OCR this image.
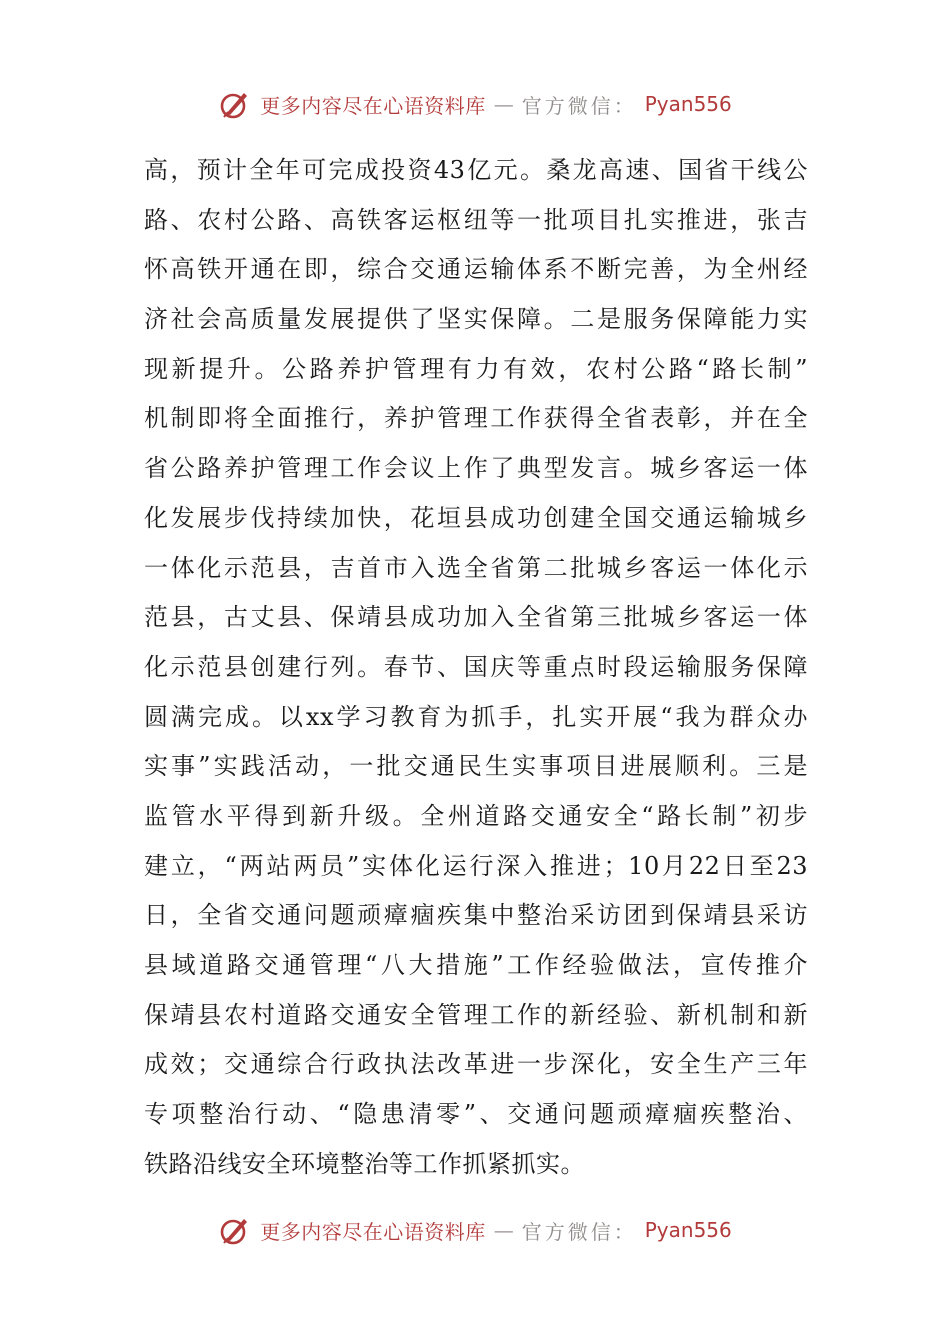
更多内容尽在心语资料库 — 官方微信： Pyan556
高，预计全年可完成投资43亿元。桑龙高速、国省干线公
路、农村公路、高铁客运枢纽等一批项目扎实推进，张吉
怀高铁开通在即，综合交通运输体系不断完善，为全州经
济社会高质量发展提供了坚实保障。二是服务保障能力实
现新提升。公路养护管理有力有效，农村公路“路长制”
机制即将全面推行，养护管理工作获得全省表彰，并在全
省公路养护管理工作会议上作了典型发言。城乡客运一体
化发展步伐持续加快，花垣县成功创建全国交通运输城乡
一体化示范县，吉首市入选全省第二批城乡客运一体化示
范县，古丈县、保靖县成功加入全省第三批城乡客运一体
化示范县创建行列。春节、国庆等重点时段运输服务保障
圆满完成。以xx学习教育为抓手，扎实开展“我为群众办
实事”实践活动，一批交通民生实事项目进展顺利。三是
监管水平得到新升级。全州道路交通安全“路长制”初步
建立，“两站两员”实体化运行深入推进；10月22日至23
日，全省交通问题顽瘴痼疾集中整治采访团到保靖县采访
县域道路交通管理“八大措施”工作经验做法，宣传推介
保靖县农村道路交通安全管理工作的新经验、新机制和新
成效；交通综合行政执法改革进一步深化，安全生产三年
专项整治行动、“隐患清零”、交通问题顽瘴痼疾整治、
铁路沿线安全环境整治等工作抓紧抓实。
更多内容尽在心语资料库 — 官方微信： Pyan556
